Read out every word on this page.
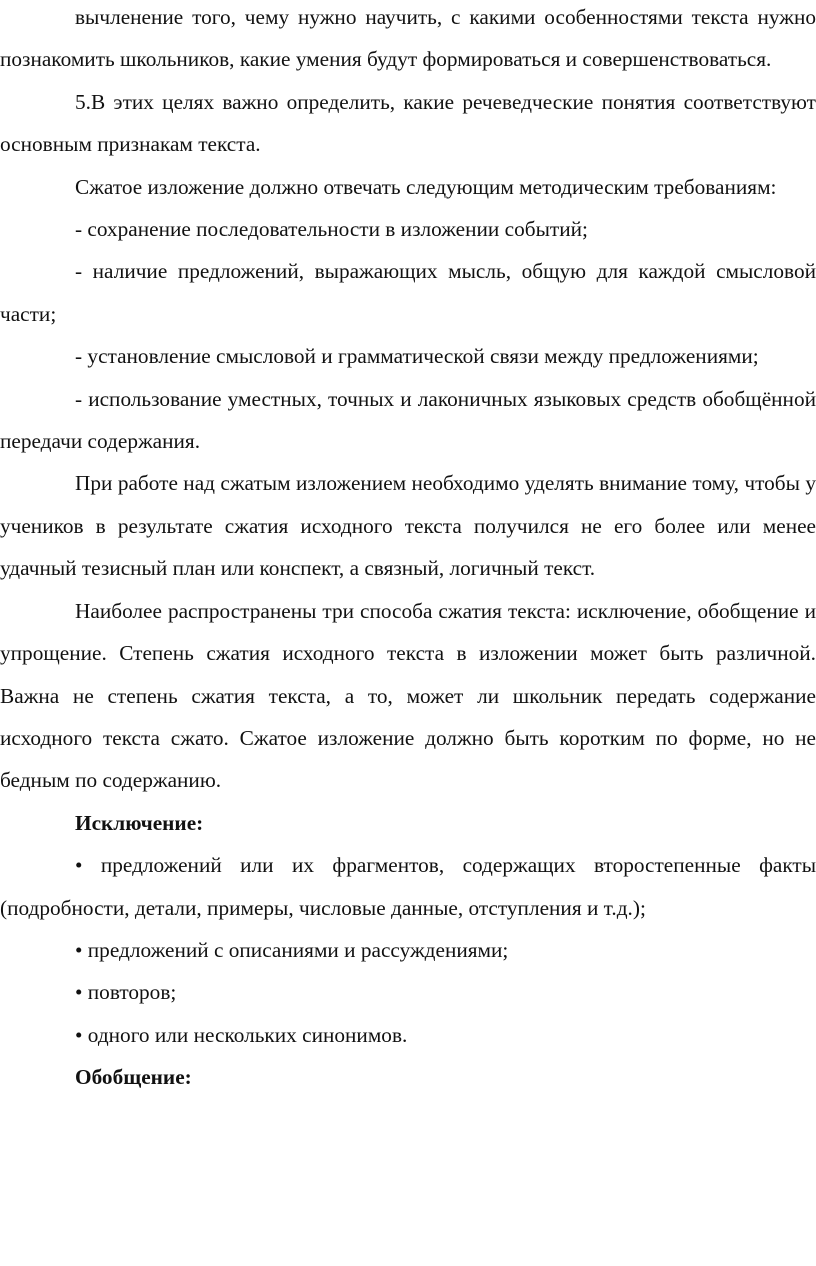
вычленение того, чему нужно научить, с какими особенностями текста нужно познакомить школьников, какие умения будут формироваться и совершенствоваться.

5.В этих целях важно определить, какие речеведческие понятия соответствуют основным признакам текста.

Сжатое изложение должно отвечать следующим методическим требованиям:

- сохранение последовательности в изложении событий;

- наличие предложений, выражающих мысль, общую для каждой смысловой части;

- установление смысловой и грамматической связи между предложениями;

- использование уместных, точных и лаконичных языковых средств обобщённой передачи содержания.

При работе над сжатым изложением необходимо уделять внимание тому, чтобы у учеников в результате сжатия исходного текста получился не его более или менее удачный тезисный план или конспект, а связный, логичный текст.

Наиболее распространены три способа сжатия текста: исключение, обобщение и упрощение. Степень сжатия исходного текста в изложении может быть различной. Важна не степень сжатия текста, а то, может ли школьник передать содержание исходного текста сжато. Сжатое изложение должно быть коротким по форме, но не бедным по содержанию.

Исключение:

• предложений или их фрагментов, содержащих второстепенные факты (подробности, детали, примеры, числовые данные, отступления и т.д.);

• предложений с описаниями и рассуждениями;

• повторов;

• одного или нескольких синонимов.

Обобщение:
